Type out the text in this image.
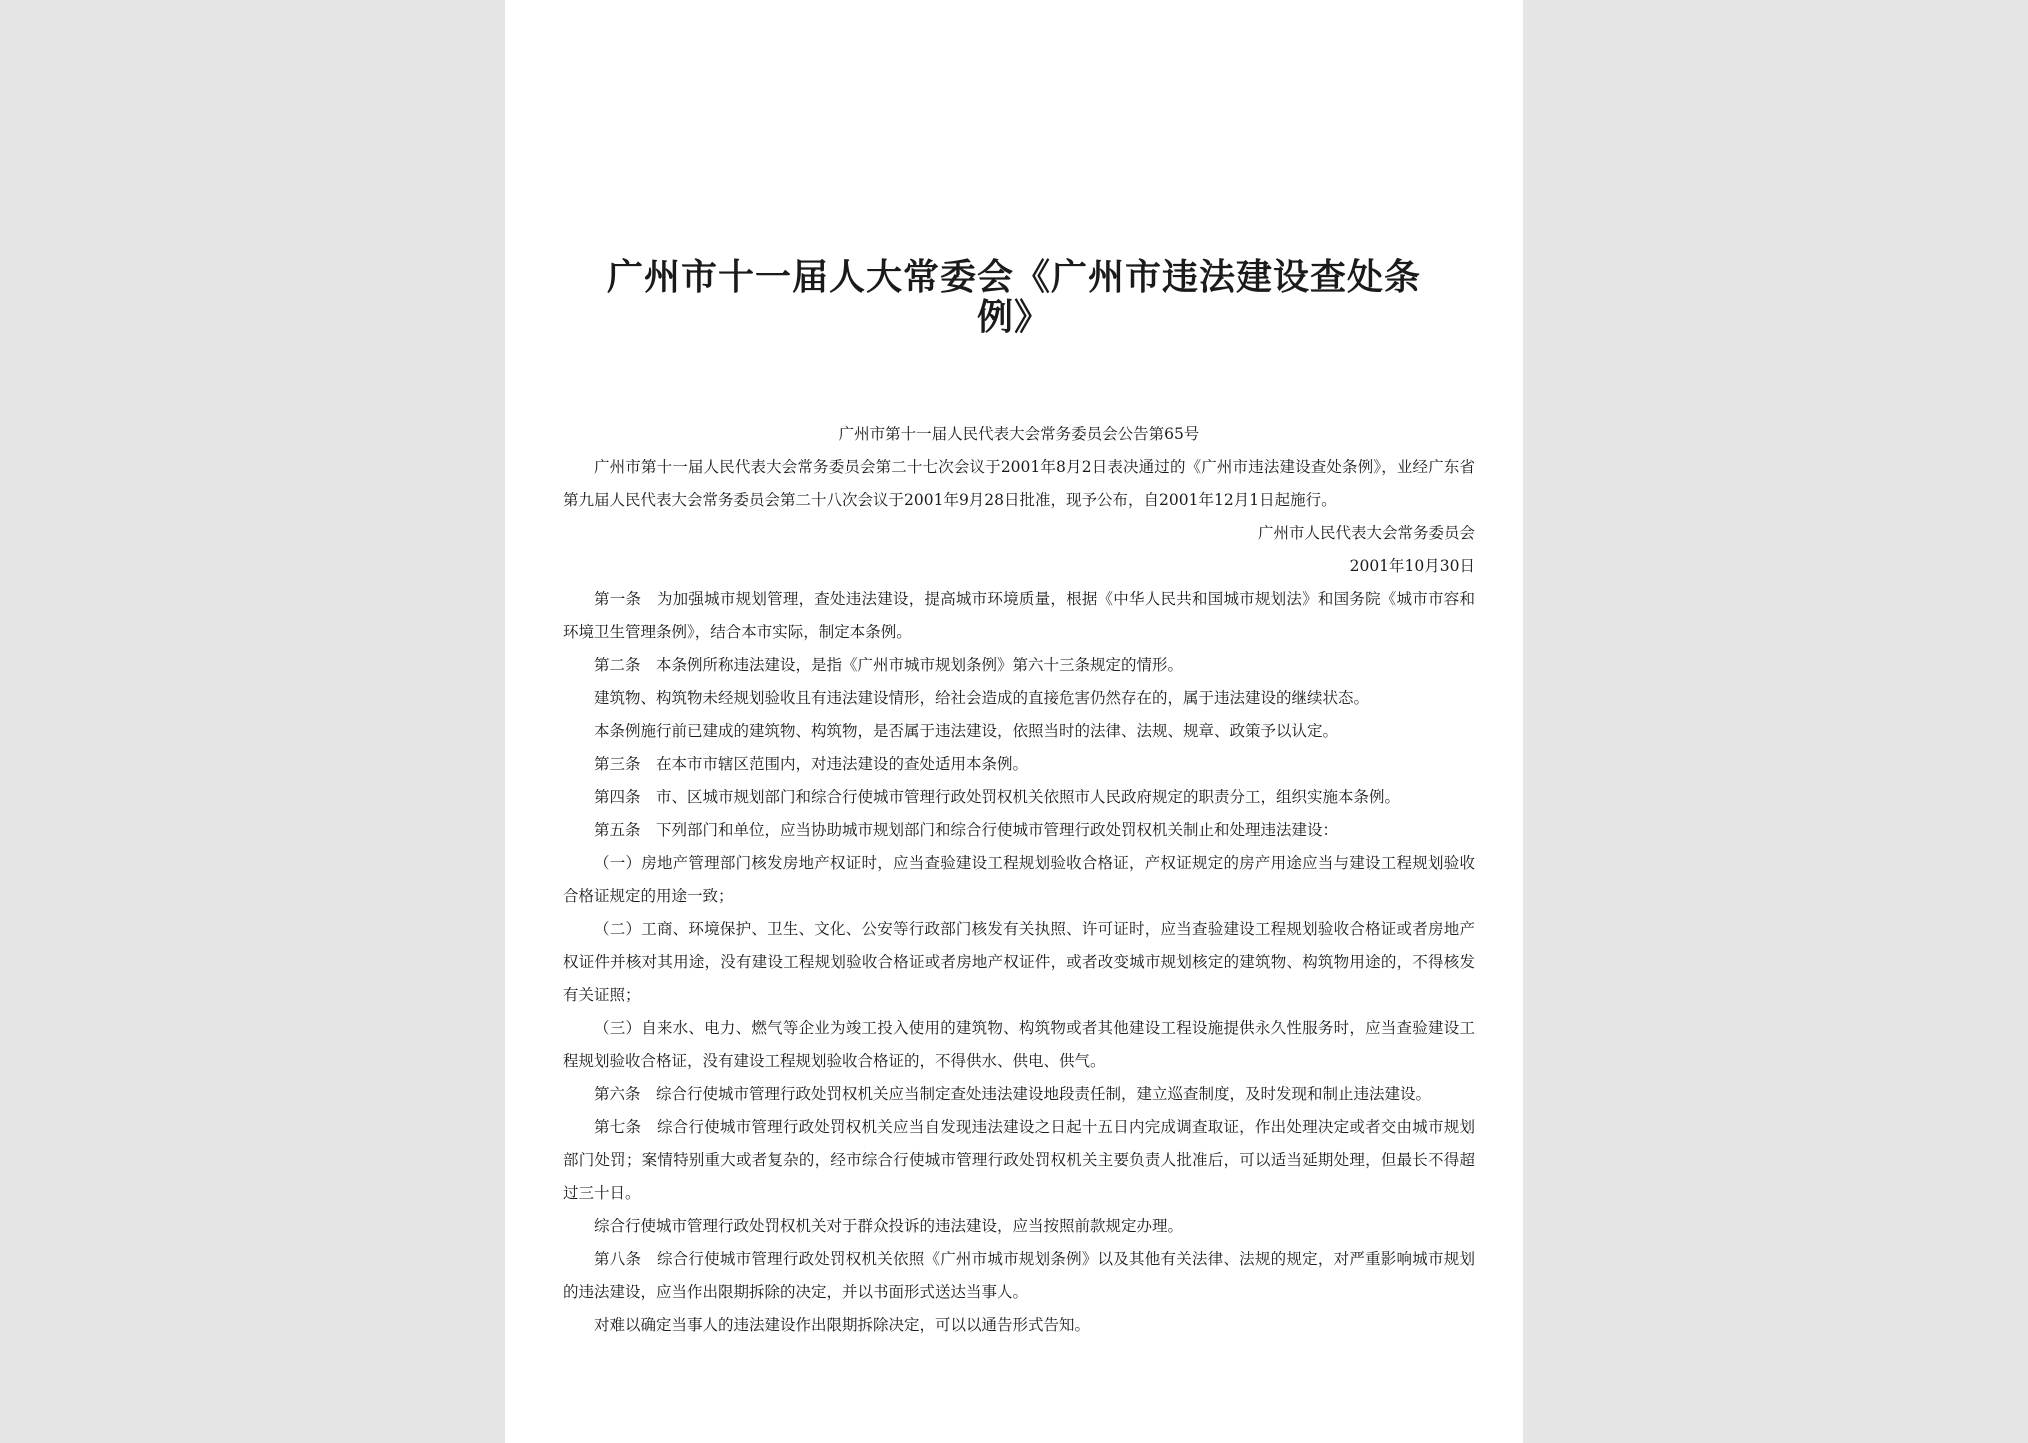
广州市十一届人大常委会《广州市违法建设查处条例》

广州市第十一届人民代表大会常务委员会公告第65号

广州市第十一届人民代表大会常务委员会第二十七次会议于2001年8月2日表决通过的《广州市违法建设查处条例》，业经广东省第九届人民代表大会常务委员会第二十八次会议于2001年9月28日批准，现予公布，自2001年12月1日起施行。

广州市人民代表大会常务委员会

2001年10月30日

第一条　为加强城市规划管理，查处违法建设，提高城市环境质量，根据《中华人民共和国城市规划法》和国务院《城市市容和环境卫生管理条例》，结合本市实际，制定本条例。

第二条　本条例所称违法建设，是指《广州市城市规划条例》第六十三条规定的情形。

建筑物、构筑物未经规划验收且有违法建设情形，给社会造成的直接危害仍然存在的，属于违法建设的继续状态。

本条例施行前已建成的建筑物、构筑物，是否属于违法建设，依照当时的法律、法规、规章、政策予以认定。

第三条　在本市市辖区范围内，对违法建设的查处适用本条例。

第四条　市、区城市规划部门和综合行使城市管理行政处罚权机关依照市人民政府规定的职责分工，组织实施本条例。

第五条　下列部门和单位，应当协助城市规划部门和综合行使城市管理行政处罚权机关制止和处理违法建设：

（一）房地产管理部门核发房地产权证时，应当查验建设工程规划验收合格证，产权证规定的房产用途应当与建设工程规划验收合格证规定的用途一致；

（二）工商、环境保护、卫生、文化、公安等行政部门核发有关执照、许可证时，应当查验建设工程规划验收合格证或者房地产权证件并核对其用途，没有建设工程规划验收合格证或者房地产权证件，或者改变城市规划核定的建筑物、构筑物用途的，不得核发有关证照；

（三）自来水、电力、燃气等企业为竣工投入使用的建筑物、构筑物或者其他建设工程设施提供永久性服务时，应当查验建设工程规划验收合格证，没有建设工程规划验收合格证的，不得供水、供电、供气。

第六条　综合行使城市管理行政处罚权机关应当制定查处违法建设地段责任制，建立巡查制度，及时发现和制止违法建设。

第七条　综合行使城市管理行政处罚权机关应当自发现违法建设之日起十五日内完成调查取证，作出处理决定或者交由城市规划部门处罚；案情特别重大或者复杂的，经市综合行使城市管理行政处罚权机关主要负责人批准后，可以适当延期处理，但最长不得超过三十日。

综合行使城市管理行政处罚权机关对于群众投诉的违法建设，应当按照前款规定办理。

第八条　综合行使城市管理行政处罚权机关依照《广州市城市规划条例》以及其他有关法律、法规的规定，对严重影响城市规划的违法建设，应当作出限期拆除的决定，并以书面形式送达当事人。

对难以确定当事人的违法建设作出限期拆除决定，可以以通告形式告知。
